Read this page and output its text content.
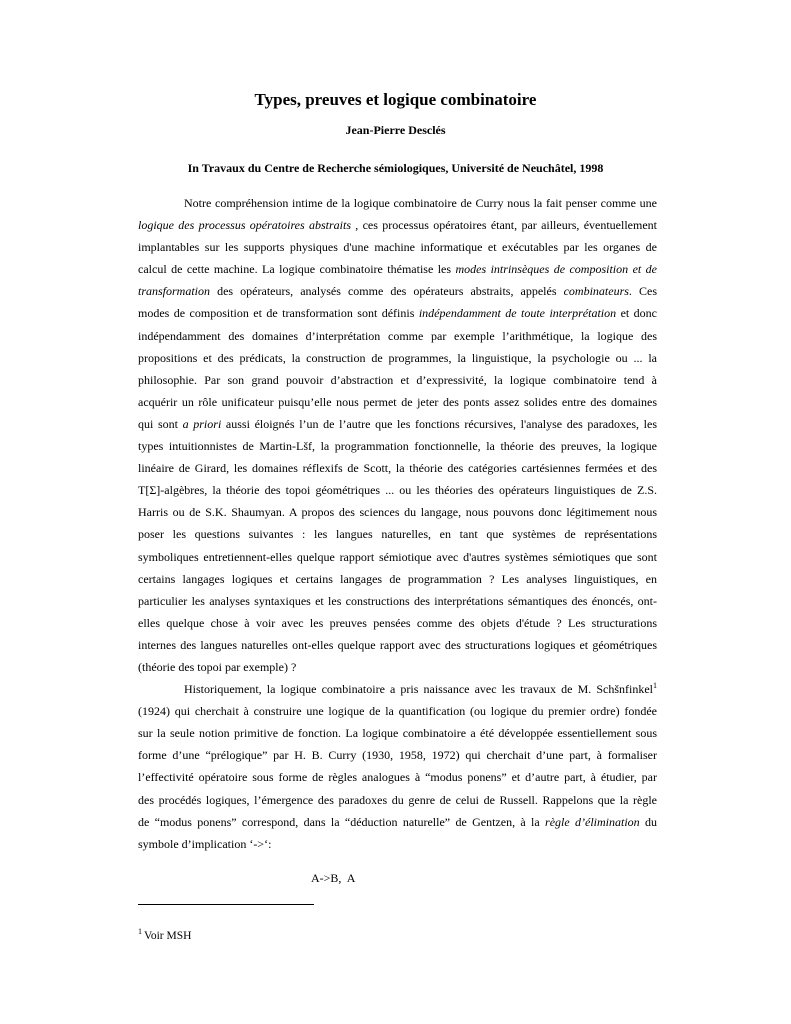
Types, preuves et logique combinatoire
Jean-Pierre Desclés
In Travaux du Centre de Recherche sémiologiques, Université de Neuchâtel, 1998
Notre compréhension intime de la logique combinatoire de Curry nous la fait penser comme une
logique des processus opératoires abstraits , ces processus opératoires étant, par ailleurs, éventuellement
implantables sur les supports physiques d'une machine informatique et exécutables par les organes de
calcul de cette machine. La logique combinatoire thématise les modes intrinsèques de composition et de
transformation des opérateurs, analysés comme des opérateurs abstraits, appelés combinateurs. Ces
modes de composition et de transformation sont définis indépendamment de toute interprétation et donc
indépendamment des domaines d’interprétation comme par exemple l’arithmétique, la logique des
propositions et des prédicats, la construction de programmes, la linguistique, la psychologie ou ... la
philosophie. Par son grand pouvoir d’abstraction et d’expressivité, la logique combinatoire tend à
acquérir un rôle unificateur puisqu’elle nous permet de jeter des ponts assez solides entre des domaines
qui sont a priori aussi éloignés l’un de l’autre que les fonctions récursives, l'analyse des paradoxes, les
types intuitionnistes de Martin-Lšf, la programmation fonctionnelle, la théorie des preuves, la logique
linéaire de Girard, les domaines réflexifs de Scott, la théorie des catégories cartésiennes fermées et des
T[Σ]-algèbres, la théorie des topoi géométriques ... ou les théories des opérateurs linguistiques de Z.S.
Harris ou de S.K. Shaumyan. A propos des sciences du langage, nous pouvons donc légitimement nous
poser les questions suivantes : les langues naturelles, en tant que systèmes de représentations
symboliques entretiennent-elles quelque rapport sémiotique avec d'autres systèmes sémiotiques que sont
certains langages logiques et certains langages de programmation ? Les analyses linguistiques, en
particulier les analyses syntaxiques et les constructions des interprétations sémantiques des énoncés, ont-
elles quelque chose à voir avec les preuves pensées comme des objets d'étude ? Les structurations
internes des langues naturelles ont-elles quelque rapport avec des structurations logiques et géométriques
(théorie des topoi par exemple) ?
Historiquement, la logique combinatoire a pris naissance avec les travaux de M. Schšnfinkel$^1$
(1924) qui cherchait à construire une logique de la quantification (ou logique du premier ordre) fondée
sur la seule notion primitive de fonction. La logique combinatoire a été développée essentiellement sous
forme d’une “prélogique” par H. B. Curry (1930, 1958, 1972) qui cherchait d’une part, à formaliser
l’effectivité opératoire sous forme de règles analogues à “modus ponens” et d’autre part, à étudier, par
des procédés logiques, l’émergence des paradoxes du genre de celui de Russell. Rappelons que la règle
de “modus ponens” correspond, dans la “déduction naturelle” de Gentzen, à la règle d’élimination du
symbole d’implication ‘->‘:
A->B,  A
$^1$ Voir MSH
